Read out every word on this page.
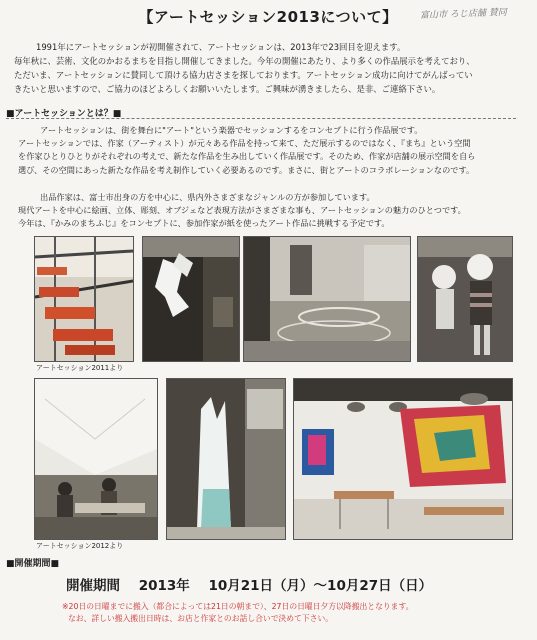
【アートセッション2013について】	富山市 ろじ店舗 賛同

1991年にアートセッションが初開催されて、アートセッションは、2013年で23回目を迎えます。

毎年秋に、芸術、文化のかおるまちを目指し開催してきました。今年の開催にあたり、より多くの作品展示を考えており、

ただいま、アートセッションに賛同して頂ける協力店さまを探しております。アートセッション成功に向けてがんばってい

きたいと思いますので、ご協力のほどよろしくお願いいたします。ご興味が湧きましたら、是非、ご連絡下さい。

■アートセッションとは？■

アートセッションは、街を舞台に"アート"という楽器でセッションするをコンセプトに行う作品展です。

アートセッションでは、作家（アーティスト）が元々ある作品を持って来て、ただ展示するのではなく、『まち』という空間

を作家ひとりひとりがそれぞれの考えで、新たな作品を生み出していく作品展です。そのため、作家が店舗の展示空間を自ら

選び、その空間にあった新たな作品を考え制作していく必要あるのです。まさに、街とアートのコラボレーションなのです。

出品作家は、富士市出身の方を中心に、県内外さまざまなジャンルの方が参加しています。

現代アートを中心に絵画、立体、彫刻、オブジェなど表現方法がさまざまな事も、アートセッションの魅力のひとつです。

今年は、『かみのまちふじ』をコンセプトに、参加作家が紙を使ったアート作品に挑戦する予定です。

アートセッション2011より
アートセッション2012より
■開催期間■
開催期間 2013年 10月21日（月）～10月27日（日）

※20日の日曜までに搬入（都合によっては21日の朝まで）、27日の日曜日夕方以降搬出となります。

なお、詳しい搬入搬出日時は、お店と作家とのお話し合いで決めて下さい。
